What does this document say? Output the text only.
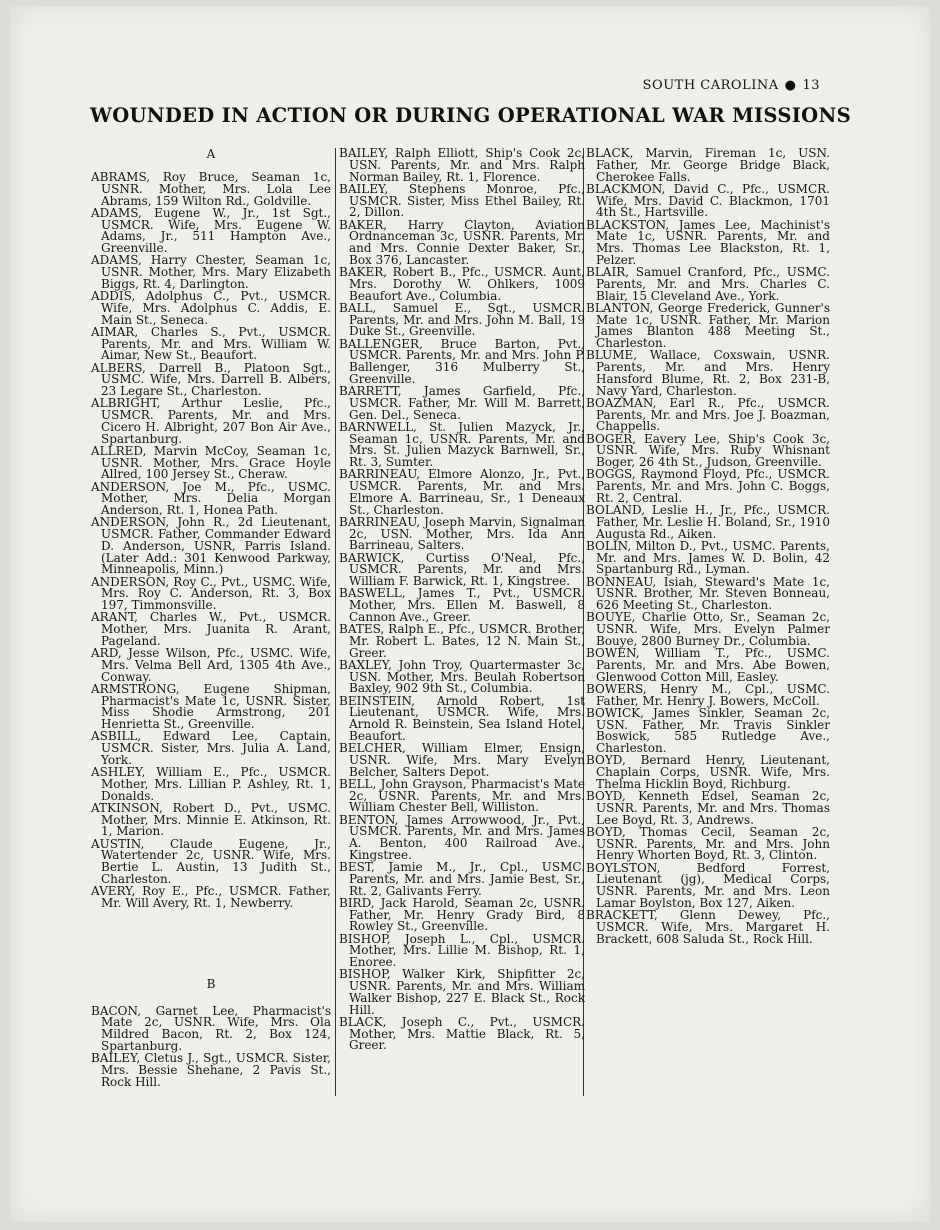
SOUTH CAROLINA ● 13
WOUNDED IN ACTION OR DURING OPERATIONAL WAR MISSIONS
A

ABRAMS, Roy Bruce, Seaman 1c, USNR. Mother, Mrs. Lola Lee Abrams, 159 Wilton Rd., Goldville.

ADAMS, Eugene W., Jr., 1st Sgt., USMCR. Wife, Mrs. Eugene W. Adams, Jr., 511 Hampton Ave., Greenville.

ADAMS, Harry Chester, Seaman 1c, USNR. Mother, Mrs. Mary Elizabeth Biggs, Rt. 4, Darlington.

ADDIS, Adolphus C., Pvt., USMCR. Wife, Mrs. Adolphus C. Addis, E. Main St., Seneca.

AIMAR, Charles S., Pvt., USMCR. Parents, Mr. and Mrs. William W. Aimar, New St., Beaufort.

ALBERS, Darrell B., Platoon Sgt., USMC. Wife, Mrs. Darrell B. Albers, 23 Legare St., Charleston.

ALBRIGHT, Arthur Leslie, Pfc., USMCR. Parents, Mr. and Mrs. Cicero H. Albright, 207 Bon Air Ave., Spartanburg.

ALLRED, Marvin McCoy, Seaman 1c, USNR. Mother, Mrs. Grace Hoyle Allred, 100 Jersey St., Cheraw.

ANDERSON, Joe M., Pfc., USMC. Mother, Mrs. Delia Morgan Anderson, Rt. 1, Honea Path.

ANDERSON, John R., 2d Lieutenant, USMCR. Father, Commander Edward D. Anderson, USNR, Parris Island. (Later Add.: 301 Kenwood Parkway, Minneapolis, Minn.)

ANDERSON, Roy C., Pvt., USMC. Wife, Mrs. Roy C. Anderson, Rt. 3, Box 197, Timmonsville.

ARANT, Charles W., Pvt., USMCR. Mother, Mrs. Juanita R. Arant, Pageland.

ARD, Jesse Wilson, Pfc., USMC. Wife, Mrs. Velma Bell Ard, 1305 4th Ave., Conway.

ARMSTRONG, Eugene Shipman, Pharmacist's Mate 1c, USNR. Sister, Miss Shodie Armstrong, 201 Henrietta St., Greenville.

ASBILL, Edward Lee, Captain, USMCR. Sister, Mrs. Julia A. Land, York.

ASHLEY, William E., Pfc., USMCR. Mother, Mrs. Lillian P. Ashley, Rt. 1, Donalds.

ATKINSON, Robert D., Pvt., USMC. Mother, Mrs. Minnie E. Atkinson, Rt. 1, Marion.

AUSTIN, Claude Eugene, Jr., Watertender 2c, USNR. Wife, Mrs. Bertie L. Austin, 13 Judith St., Charleston.

AVERY, Roy E., Pfc., USMCR. Father, Mr. Will Avery, Rt. 1, Newberry.

B

BACON, Garnet Lee, Pharmacist's Mate 2c, USNR. Wife, Mrs. Ola Mildred Bacon, Rt. 2, Box 124, Spartanburg.

BAILEY, Cletus J., Sgt., USMCR. Sister, Mrs. Bessie Shehane, 2 Pavis St., Rock Hill.

BAILEY, Ralph Elliott, Ship's Cook 2c, USN. Parents, Mr. and Mrs. Ralph Norman Bailey, Rt. 1, Florence.

BAILEY, Stephens Monroe, Pfc., USMCR. Sister, Miss Ethel Bailey, Rt. 2, Dillon.

BAKER, Harry Clayton, Aviation Ordnanceman 3c, USNR. Parents, Mr. and Mrs. Connie Dexter Baker, Sr., Box 376, Lancaster.

BAKER, Robert B., Pfc., USMCR. Aunt, Mrs. Dorothy W. Ohlkers, 1009 Beaufort Ave., Columbia.

BALL, Samuel E., Sgt., USMCR. Parents, Mr. and Mrs. John M. Ball, 19 Duke St., Greenville.

BALLENGER, Bruce Barton, Pvt., USMCR. Parents, Mr. and Mrs. John P. Ballenger, 316 Mulberry St., Greenville.

BARRETT, James Garfield, Pfc., USMCR. Father, Mr. Will M. Barrett, Gen. Del., Seneca.

BARNWELL, St. Julien Mazyck, Jr., Seaman 1c, USNR. Parents, Mr. and Mrs. St. Julien Mazyck Barnwell, Sr., Rt. 3, Sumter.

BARRINEAU, Elmore Alonzo, Jr., Pvt., USMCR. Parents, Mr. and Mrs. Elmore A. Barrineau, Sr., 1 Deneaux St., Charleston.

BARRINEAU, Joseph Marvin, Signalman 2c, USN. Mother, Mrs. Ida Ann Barrineau, Salters.

BARWICK, Curtiss O'Neal, Pfc., USMCR. Parents, Mr. and Mrs. William F. Barwick, Rt. 1, Kingstree.

BASWELL, James T., Pvt., USMCR. Mother, Mrs. Ellen M. Baswell, 8 Cannon Ave., Greer.

BATES, Ralph E., Pfc., USMCR. Brother, Mr. Robert L. Bates, 12 N. Main St., Greer.

BAXLEY, John Troy, Quartermaster 3c, USN. Mother, Mrs. Beulah Robertson Baxley, 902 9th St., Columbia.

BEINSTEIN, Arnold Robert, 1st Lieutenant, USMCR. Wife, Mrs. Arnold R. Beinstein, Sea Island Hotel, Beaufort.

BELCHER, William Elmer, Ensign, USNR. Wife, Mrs. Mary Evelyn Belcher, Salters Depot.

BELL, John Grayson, Pharmacist's Mate 2c, USNR. Parents, Mr. and Mrs. William Chester Bell, Williston.

BENTON, James Arrowwood, Jr., Pvt., USMCR. Parents, Mr. and Mrs. James A. Benton, 400 Railroad Ave., Kingstree.

BEST, Jamie M., Jr., Cpl., USMC. Parents, Mr. and Mrs. Jamie Best, Sr., Rt. 2, Galivants Ferry.

BIRD, Jack Harold, Seaman 2c, USNR. Father, Mr. Henry Grady Bird, 8 Rowley St., Greenville.

BISHOP, Joseph L., Cpl., USMCR. Mother, Mrs. Lillie M. Bishop, Rt. 1, Enoree.

BISHOP, Walker Kirk, Shipfitter 2c, USNR. Parents, Mr. and Mrs. William Walker Bishop, 227 E. Black St., Rock Hill.

BLACK, Joseph C., Pvt., USMCR. Mother, Mrs. Mattie Black, Rt. 5, Greer.

BLACK, Marvin, Fireman 1c, USN. Father, Mr. George Bridge Black, Cherokee Falls.

BLACKMON, David C., Pfc., USMCR. Wife, Mrs. David C. Blackmon, 1701 4th St., Hartsville.

BLACKSTON, James Lee, Machinist's Mate 1c, USNR. Parents, Mr. and Mrs. Thomas Lee Blackston, Rt. 1, Pelzer.

BLAIR, Samuel Cranford, Pfc., USMC. Parents, Mr. and Mrs. Charles C. Blair, 15 Cleveland Ave., York.

BLANTON, George Frederick, Gunner's Mate 1c, USNR. Father, Mr. Marion James Blanton 488 Meeting St., Charleston.

BLUME, Wallace, Coxswain, USNR. Parents, Mr. and Mrs. Henry Hansford Blume, Rt. 2, Box 231-B, Navy Yard, Charleston.

BOAZMAN, Earl R., Pfc., USMCR. Parents, Mr. and Mrs. Joe J. Boazman, Chappells.

BOGER, Eavery Lee, Ship's Cook 3c, USNR. Wife, Mrs. Ruby Whisnant Boger, 26 4th St., Judson, Greenville.

BOGGS, Raymond Floyd, Pfc., USMCR. Parents, Mr. and Mrs. John C. Boggs, Rt. 2, Central.

BOLAND, Leslie H., Jr., Pfc., USMCR. Father, Mr. Leslie H. Boland, Sr., 1910 Augusta Rd., Aiken.

BOLIN, Milton D., Pvt., USMC. Parents, Mr. and Mrs. James W. D. Bolin, 42 Spartanburg Rd., Lyman.

BONNEAU, Isiah, Steward's Mate 1c, USNR. Brother, Mr. Steven Bonneau, 626 Meeting St., Charleston.

BOUYE, Charlie Otto, Sr., Seaman 2c, USNR. Wife, Mrs. Evelyn Palmer Bouye, 2800 Burney Dr., Columbia.

BOWEN, William T., Pfc., USMC. Parents, Mr. and Mrs. Abe Bowen, Glenwood Cotton Mill, Easley.

BOWERS, Henry M., Cpl., USMC. Father, Mr. Henry J. Bowers, McColl.

BOWICK, James Sinkler, Seaman 2c, USN. Father, Mr. Travis Sinkler Boswick, 585 Rutledge Ave., Charleston.

BOYD, Bernard Henry, Lieutenant, Chaplain Corps, USNR. Wife, Mrs. Thelma Hicklin Boyd, Richburg.

BOYD, Kenneth Edsel, Seaman 2c, USNR. Parents, Mr. and Mrs. Thomas Lee Boyd, Rt. 3, Andrews.

BOYD, Thomas Cecil, Seaman 2c, USNR. Parents, Mr. and Mrs. John Henry Whorten Boyd, Rt. 3, Clinton.

BOYLSTON, Bedford Forrest, Lieutenant (jg), Medical Corps, USNR. Parents, Mr. and Mrs. Leon Lamar Boylston, Box 127, Aiken.

BRACKETT, Glenn Dewey, Pfc., USMCR. Wife, Mrs. Margaret H. Brackett, 608 Saluda St., Rock Hill.
